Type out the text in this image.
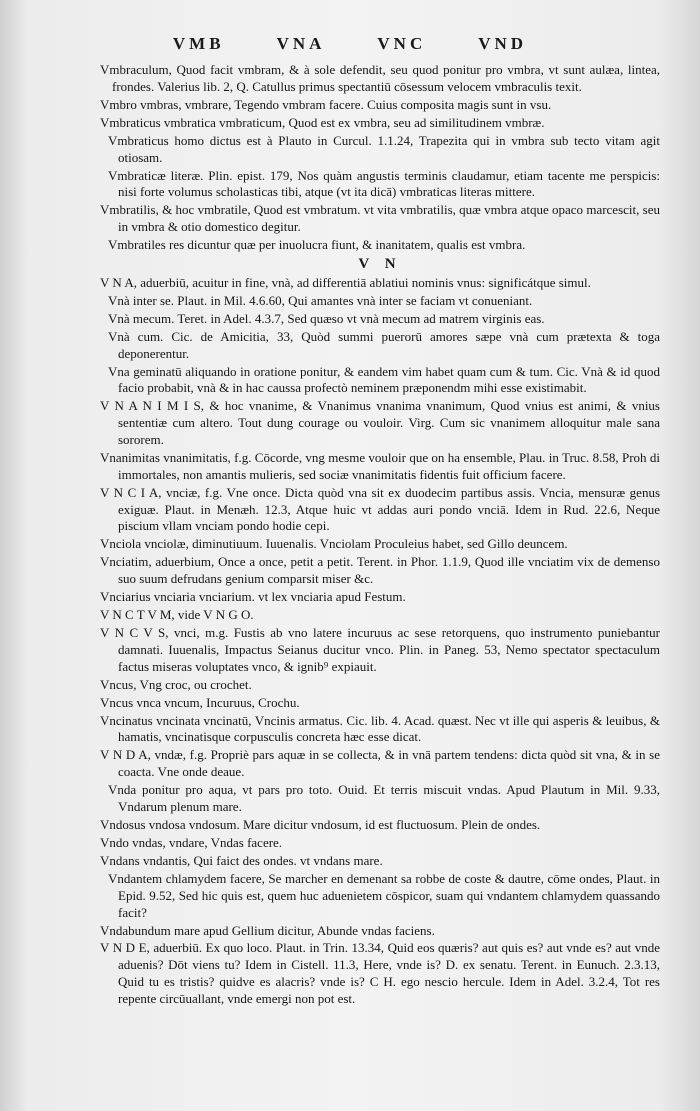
VMB	VNA	VNC	VND

Vmbraculum, Quod facit vmbram, & à sole defendit, seu quod ponitur pro vmbra, vt sunt aulæa, lintea, frondes. Valerius lib. 2, Q. Catullus primus spectantiū cōsessum velocem vmbraculis texit.

Vmbro vmbras, vmbrare, Tegendo vmbram facere. Cuius composita magis sunt in vsu.

Vmbraticus vmbratica vmbraticum, Quod est ex vmbra, seu ad similitudinem vmbræ.

Vmbraticus homo dictus est à Plauto in Curcul. 1.1.24, Trapezita qui in vmbra sub tecto vitam agit otiosam.

Vmbraticæ literæ. Plin. epist. 179, Nos quàm angustis terminis claudamur, etiam tacente me perspicis: nisi forte volumus scholasticas tibi, atque (vt ita dicā) vmbraticas literas mittere.

Vmbratilis, & hoc vmbratile, Quod est vmbratum. vt vita vmbratilis, quæ vmbra atque opaco marcescit, seu in vmbra & otio domestico degitur.

Vmbratiles res dicuntur quæ per inuolucra fiunt, & inanitatem, qualis est vmbra.

V N

V N A, aduerbiū, acuitur in fine, vnà, ad differentiā ablatiui nominis vnus: significátque simul.

Vnà inter se. Plaut. in Mil. 4.6.60, Qui amantes vnà inter se faciam vt conueniant.

Vnà mecum. Teret. in Adel. 4.3.7, Sed quæso vt vnà mecum ad matrem virginis eas.

Vnà cum. Cic. de Amicitia, 33, Quòd summi puerorū amores sæpe vnà cum prætexta & toga deponerentur.

Vna geminatū aliquando in oratione ponitur, & eandem vim habet quam cum & tum. Cic. Vnà & id quod facio probabit, vnà & in hac caussa profectò neminem præponendm mihi esse existimabit.

V N A N I M I S, & hoc vnanime, & Vnanimus vnanima vnanimum, Quod vnius est animi, & vnius sententiæ cum altero. Tout dung courage ou vouloir. Virg. Cum sic vnanimem alloquitur male sana sororem.

Vnanimitas vnanimitatis, f.g. Cōcorde, vng mesme vouloir que on ha ensemble, Plau. in Truc. 8.58, Proh di immortales, non amantis mulieris, sed sociæ vnanimitatis fidentis fuit officium facere.

V N C I A, vnciæ, f.g. Vne once. Dicta quòd vna sit ex duodecim partibus assis. Vncia, mensuræ genus exiguæ. Plaut. in Menæh. 12.3, Atque huic vt addas auri pondo vnciā. Idem in Rud. 22.6, Neque piscium vllam vnciam pondo hodie cepi.

Vnciola vnciolæ, diminutiuum. Iuuenalis. Vnciolam Proculeius habet, sed Gillo deuncem.

Vnciatim, aduerbium, Once a once, petit a petit. Terent. in Phor. 1.1.9, Quod ille vnciatim vix de demenso suo suum defrudans genium comparsit miser &c.

Vnciarius vnciaria vnciarium. vt lex vnciaria apud Festum.

V N C T V M, vide V N G O.

V N C V S, vnci, m.g. Fustis ab vno latere incuruus ac sese retorquens, quo instrumento puniebantur damnati. Iuuenalis, Impactus Seianus ducitur vnco. Plin. in Paneg. 53, Nemo spectator spectaculum factus miseras voluptates vnco, & ignib⁹ expiauit.

Vncus, Vng croc, ou crochet.

Vncus vnca vncum, Incuruus, Crochu.

Vncinatus vncinata vncinatū, Vncinis armatus. Cic. lib. 4. Acad. quæst. Nec vt ille qui asperis & leuibus, & hamatis, vncinatisque corpusculis concreta hæc esse dicat.

V N D A, vndæ, f.g. Propriè pars aquæ in se collecta, & in vnā partem tendens: dicta quòd sit vna, & in se coacta. Vne onde deaue.

Vnda ponitur pro aqua, vt pars pro toto. Ouid. Et terris miscuit vndas. Apud Plautum in Mil. 9.33, Vndarum plenum mare.

Vndosus vndosa vndosum. Mare dicitur vndosum, id est fluctuosum. Plein de ondes.

Vndo vndas, vndare, Vndas facere.

Vndans vndantis, Qui faict des ondes. vt vndans mare.

Vndantem chlamydem facere, Se marcher en demenant sa robbe de coste & dautre, cōme ondes, Plaut. in Epid. 9.52, Sed hic quis est, quem huc aduenietem cōspicor, suam qui vndantem chlamydem quassando facit?

Vndabundum mare apud Gellium dicitur, Abunde vndas faciens.

V N D E, aduerbiū. Ex quo loco. Plaut. in Trin. 13.34, Quid eos quæris? aut quis es? aut vnde es? aut vnde aduenis? Dōt viens tu? Idem in Cistell. 11.3, Here, vnde is? D. ex senatu. Terent. in Eunuch. 2.3.13, Quid tu es tristis? quidve es alacris? vnde is? C H. ego nescio hercule. Idem in Adel. 3.2.4, Tot res repente circūuallant, vnde emergi non pot est.
